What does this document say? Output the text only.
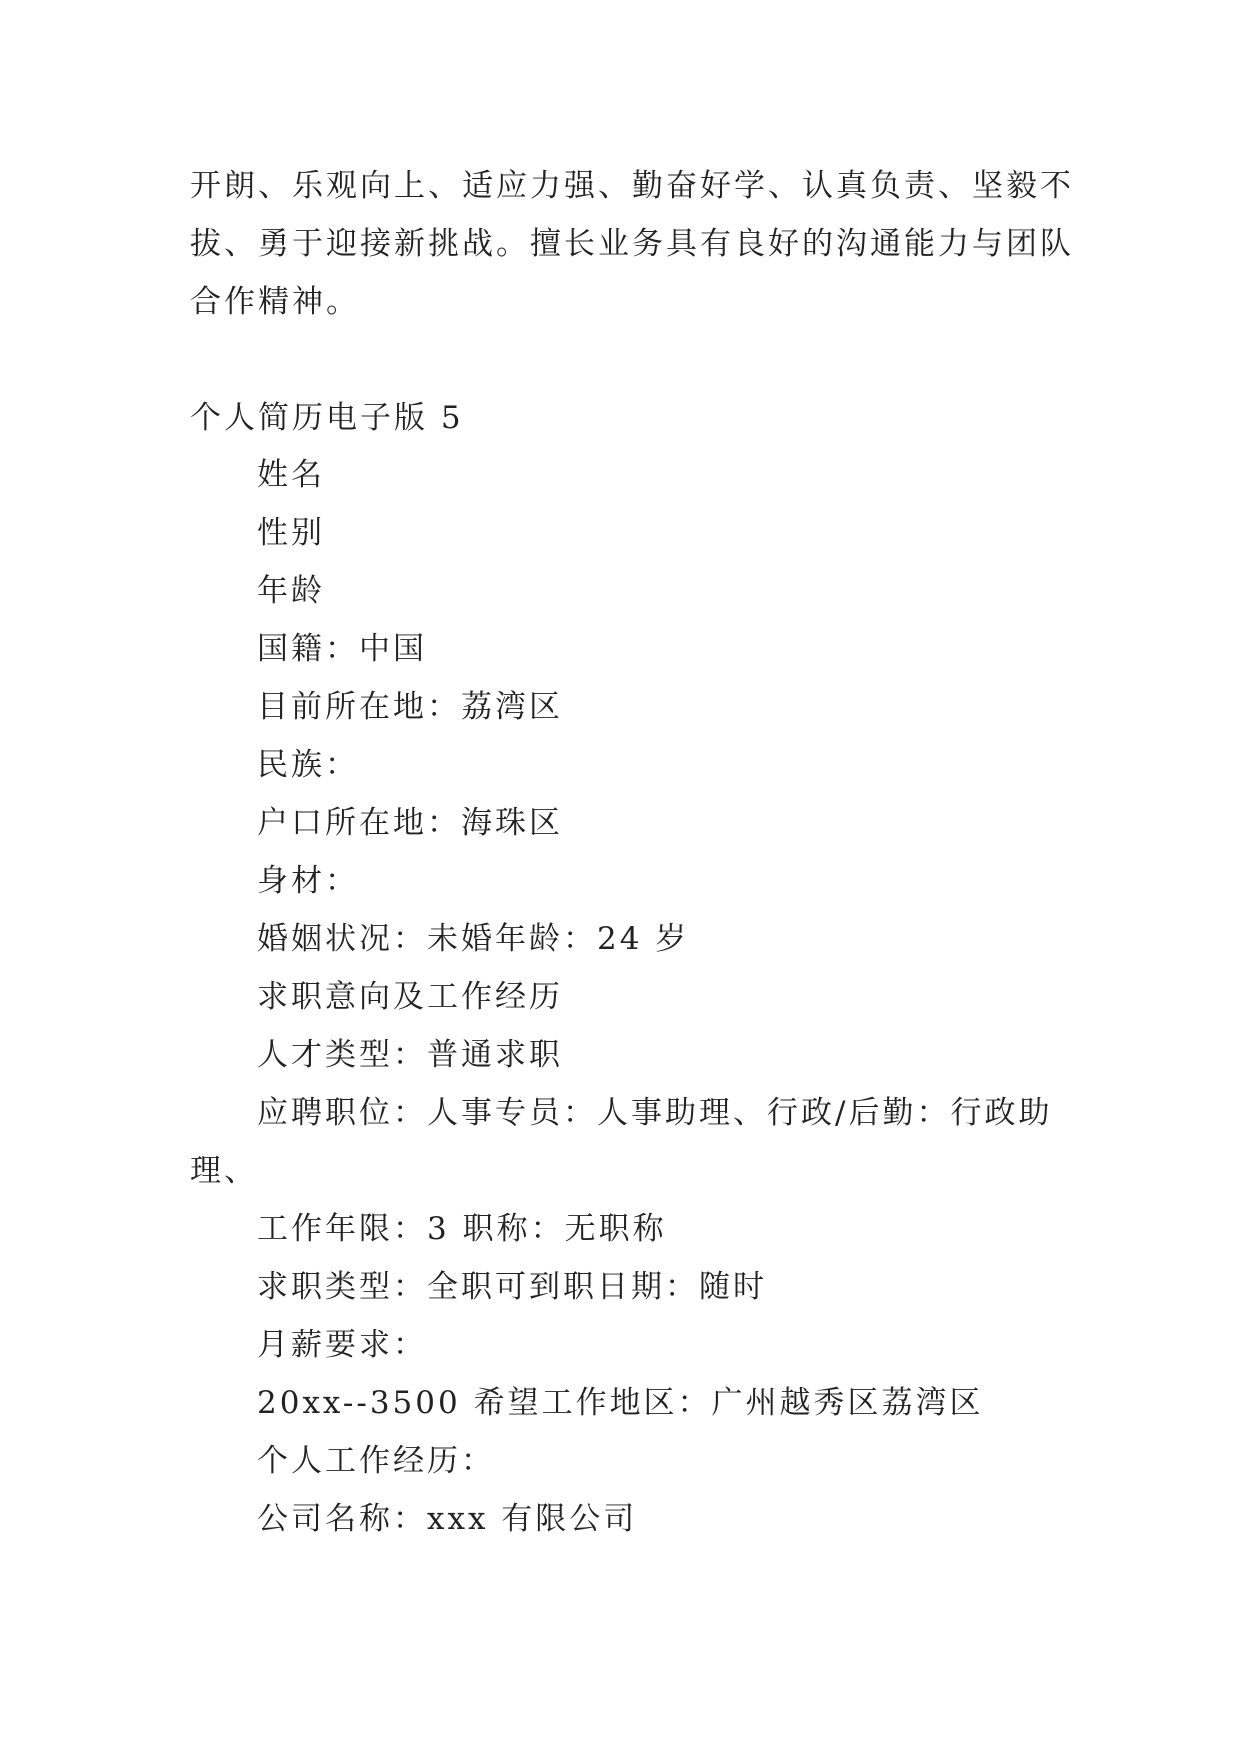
开朗、乐观向上、适应力强、勤奋好学、认真负责、坚毅不
拔、勇于迎接新挑战。擅长业务具有良好的沟通能力与团队
合作精神。
个人简历电子版 5
姓名
性别
年龄
国籍：中国
目前所在地：荔湾区
民族：
户口所在地：海珠区
身材：
婚姻状况：未婚年龄：24 岁
求职意向及工作经历
人才类型：普通求职
应聘职位：人事专员：人事助理、行政/后勤：行政助
理、
工作年限：3 职称：无职称
求职类型：全职可到职日期：随时
月薪要求：
20xx--3500 希望工作地区：广州越秀区荔湾区
个人工作经历：
公司名称：xxx 有限公司
